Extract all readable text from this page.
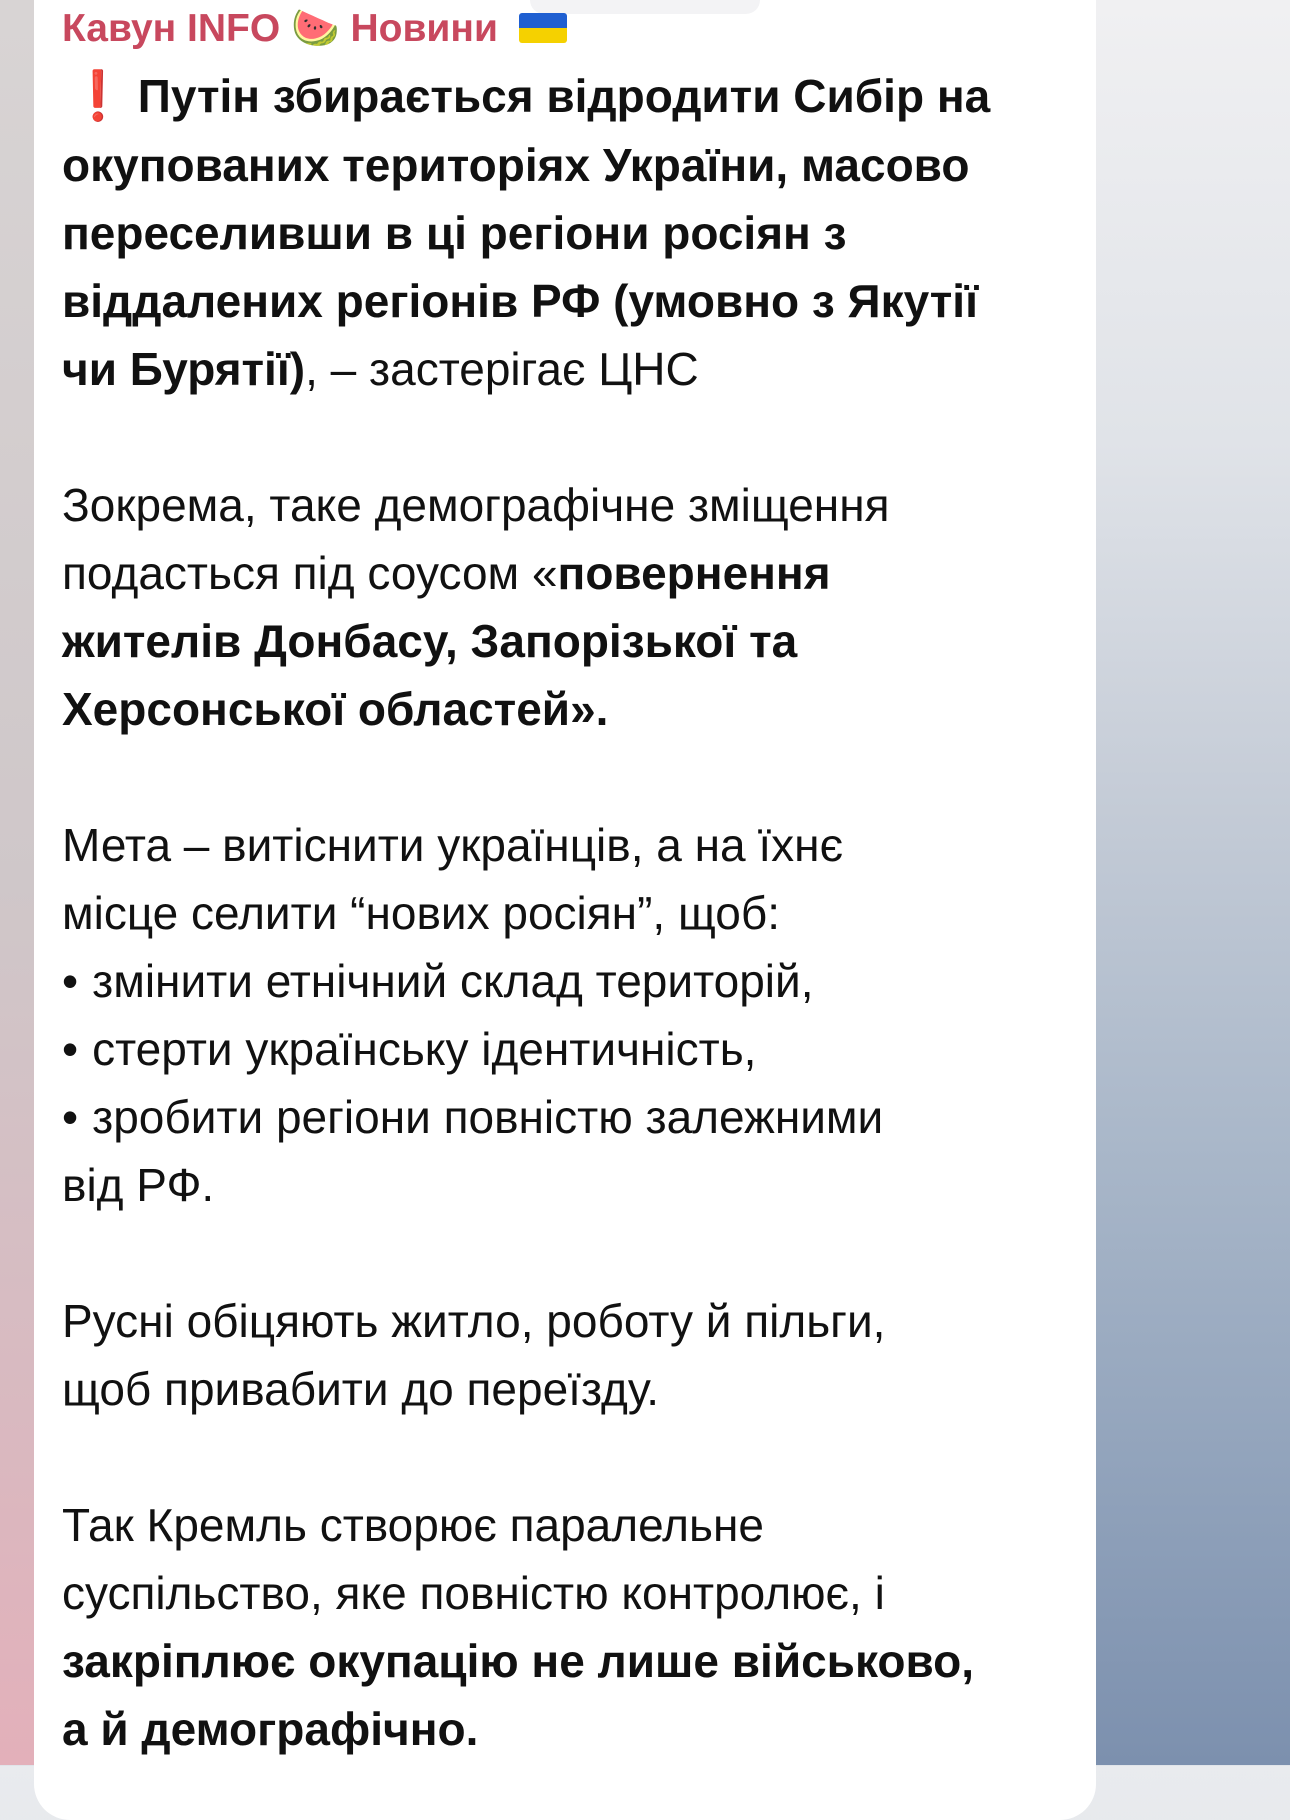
Кавун INFO 🍉 Новини
❗ Путін збирається відродити Сибір на
окупованих територіях України, масово
переселивши в ці регіони росіян з
віддалених регіонів РФ (умовно з Якутії
чи Бурятії), – застерігає ЦНС
Зокрема, таке демографічне зміщення
подасться під соусом «повернення
жителів Донбасу, Запорізької та
Херсонської областей».
Мета – витіснити українців, а на їхнє
місце селити “нових росіян”, щоб:
• змінити етнічний склад територій,
• стерти українську ідентичність,
• зробити регіони повністю залежними
від РФ.
Русні обіцяють житло, роботу й пільги,
щоб привабити до переїзду.
Так Кремль створює паралельне
суспільство, яке повністю контролює, і
закріплює окупацію не лише військово,
а й демографічно.
